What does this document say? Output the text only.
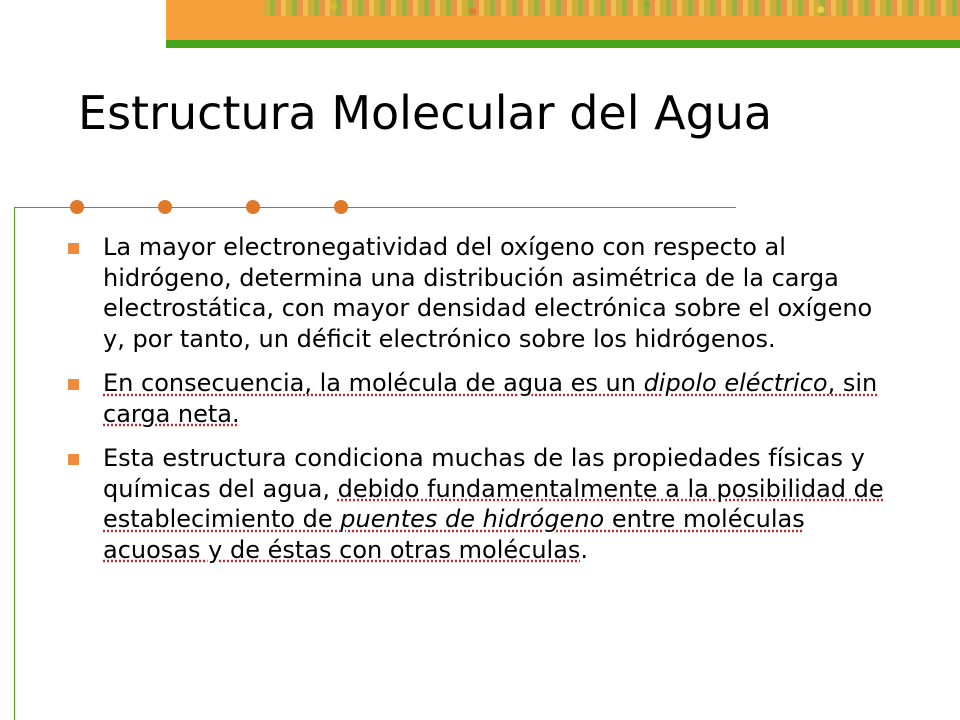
Estructura Molecular del Agua
La mayor electronegatividad del oxígeno con respecto al hidrógeno, determina una distribución asimétrica de la carga electrostática, con mayor densidad electrónica sobre el oxígeno y, por tanto, un déficit electrónico sobre los hidrógenos.
En consecuencia, la molécula de agua es un dipolo eléctrico, sin carga neta.
Esta estructura condiciona muchas de las propiedades físicas y químicas del agua, debido fundamentalmente a la posibilidad de establecimiento de puentes de hidrógeno entre moléculas acuosas y de éstas con otras moléculas.
